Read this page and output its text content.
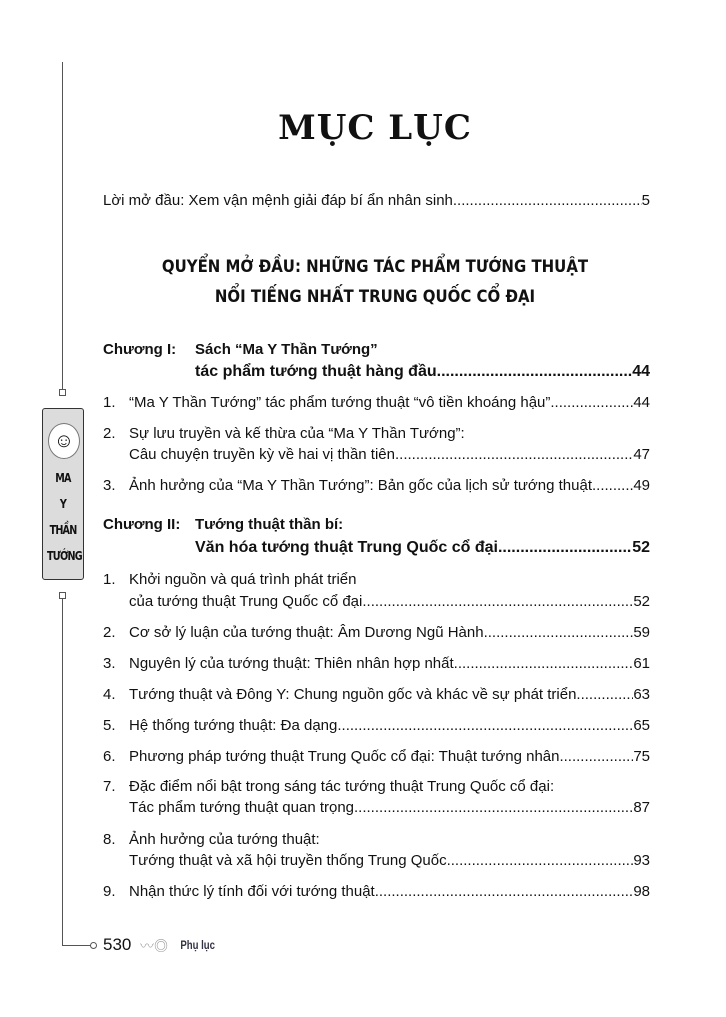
☺
MA
Y
THẦN
TƯỚNG
MỤC LỤC
Lời mở đầu: Xem vận mệnh giải đáp bí ẩn nhân sinh .....	5
QUYỂN MỞ ĐẦU: NHỮNG TÁC PHẨM TƯỚNG THUẬT
NỔI TIẾNG NHẤT TRUNG QUỐC CỔ ĐẠI
Chương I: Sách “Ma Y Thần Tướng”
tác phẩm tướng thuật hàng đầu .....	44
1. “Ma Y Thần Tướng” tác phẩm tướng thuật “vô tiền khoáng hậu” .....	44
2. Sự lưu truyền và kế thừa của “Ma Y Thần Tướng”:
Câu chuyện truyền kỳ về hai vị thần tiên .....	47
3. Ảnh hưởng của “Ma Y Thần Tướng”: Bản gốc của lịch sử tướng thuật .....	49
Chương II: Tướng thuật thần bí:
Văn hóa tướng thuật Trung Quốc cổ đại .....	52
1. Khởi nguồn và quá trình phát triển
của tướng thuật Trung Quốc cổ đại .....	52
2. Cơ sở lý luận của tướng thuật: Âm Dương Ngũ Hành .....	59
3. Nguyên lý của tướng thuật: Thiên nhân hợp nhất .....	61
4. Tướng thuật và Đông Y: Chung nguồn gốc và khác về sự phát triển .....	63
5. Hệ thống tướng thuật: Đa dạng .....	65
6. Phương pháp tướng thuật Trung Quốc cổ đại: Thuật tướng nhân .....	75
7. Đặc điểm nổi bật trong sáng tác tướng thuật Trung Quốc cổ đại:
Tác phẩm tướng thuật quan trọng .....	87
8. Ảnh hưởng của tướng thuật:
Tướng thuật và xã hội truyền thống Trung Quốc .....	93
9. Nhận thức lý tính đối với tướng thuật .....	98
530 〰◎ Phụ lục
